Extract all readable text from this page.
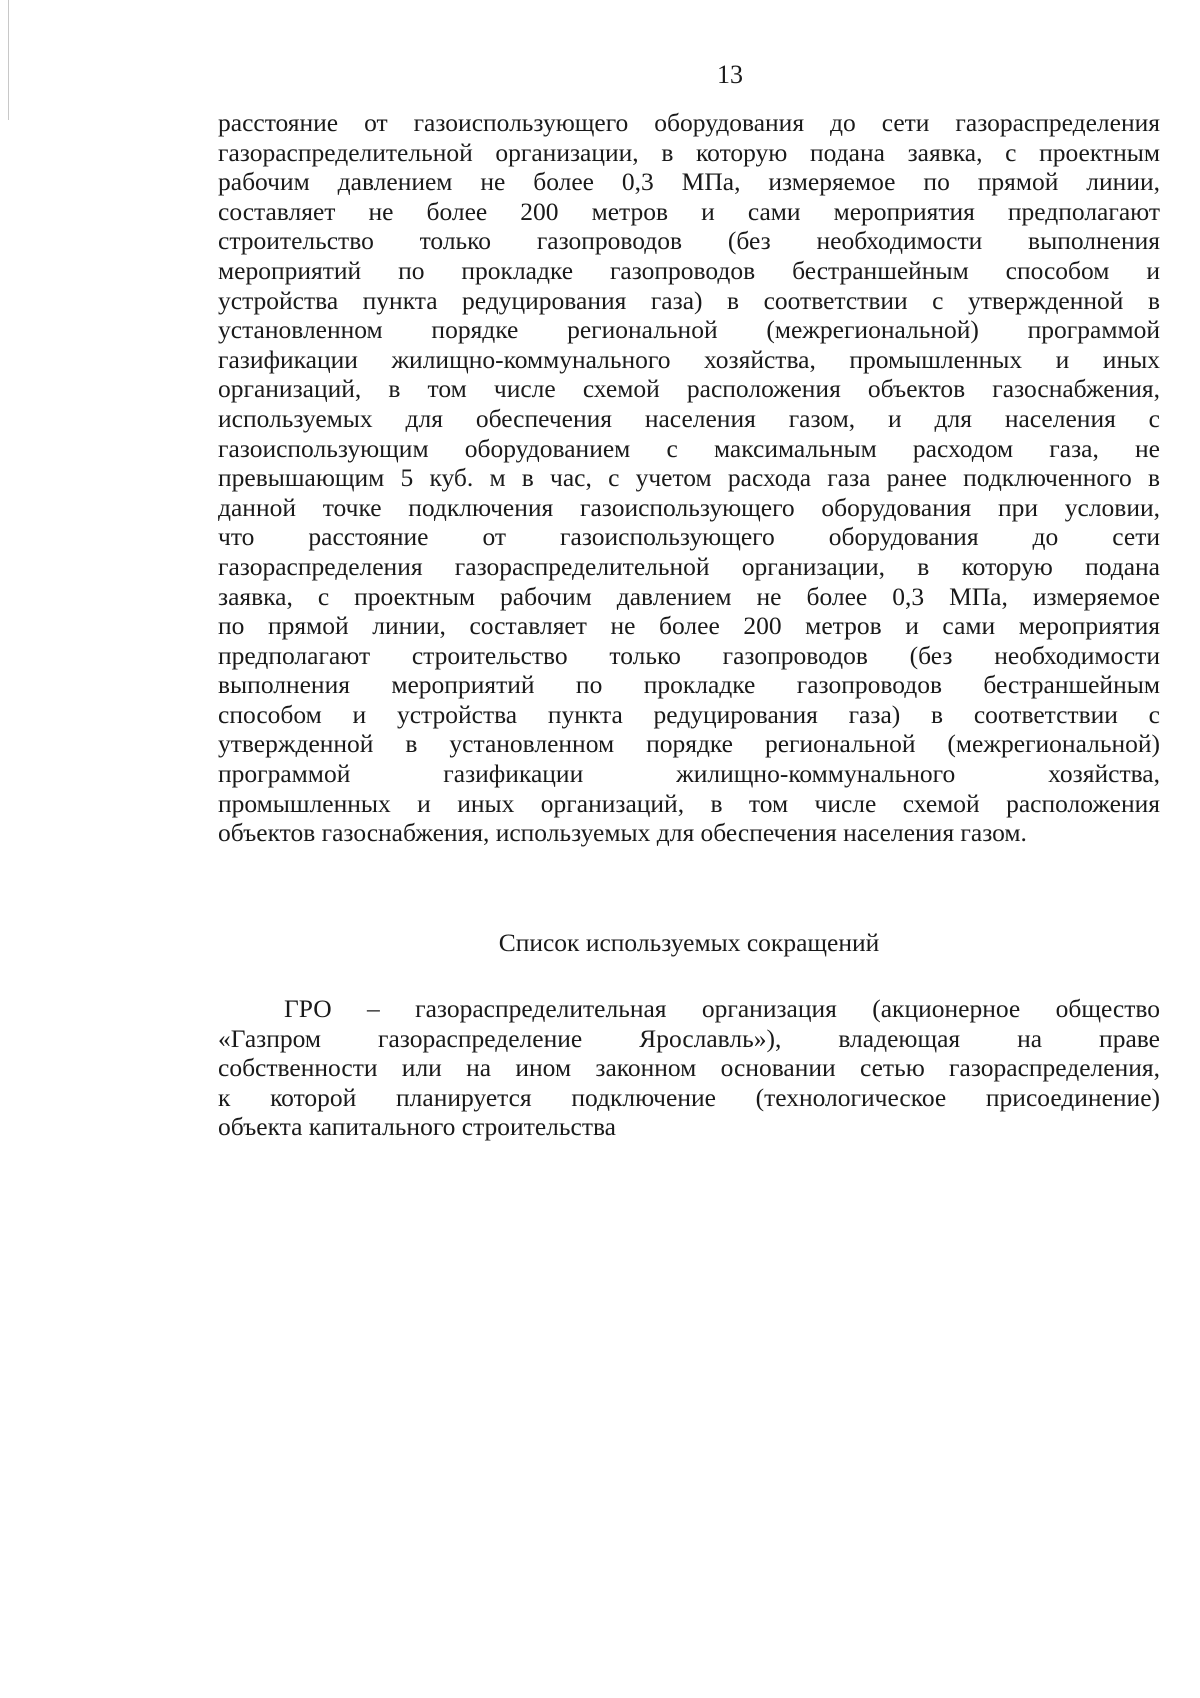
13
расстояние от газоиспользующего оборудования до сети газораспределения
газораспределительной организации, в которую подана заявка, с проектным
рабочим давлением не более 0,3 МПа, измеряемое по прямой линии,
составляет не более 200 метров и сами мероприятия предполагают
строительство только газопроводов (без необходимости выполнения
мероприятий по прокладке газопроводов бестраншейным способом и
устройства пункта редуцирования газа) в соответствии с утвержденной в
установленном порядке региональной (межрегиональной) программой
газификации жилищно-коммунального хозяйства, промышленных и иных
организаций, в том числе схемой расположения объектов газоснабжения,
используемых для обеспечения населения газом, и для населения с
газоиспользующим оборудованием с максимальным расходом газа, не
превышающим 5 куб. м в час, с учетом расхода газа ранее подключенного в
данной точке подключения газоиспользующего оборудования при условии,
что расстояние от газоиспользующего оборудования до сети
газораспределения газораспределительной организации, в которую подана
заявка, с проектным рабочим давлением не более 0,3 МПа, измеряемое
по прямой линии, составляет не более 200 метров и сами мероприятия
предполагают строительство только газопроводов (без необходимости
выполнения мероприятий по прокладке газопроводов бестраншейным
способом и устройства пункта редуцирования газа) в соответствии с
утвержденной в установленном порядке региональной (межрегиональной)
программой газификации жилищно-коммунального хозяйства,
промышленных и иных организаций, в том числе схемой расположения
объектов газоснабжения, используемых для обеспечения населения газом.
Список используемых сокращений
ГРО – газораспределительная организация (акционерное общество
«Газпром газораспределение Ярославль»), владеющая на праве
собственности или на ином законном основании сетью газораспределения,
к которой планируется подключение (технологическое присоединение)
объекта капитального строительства
